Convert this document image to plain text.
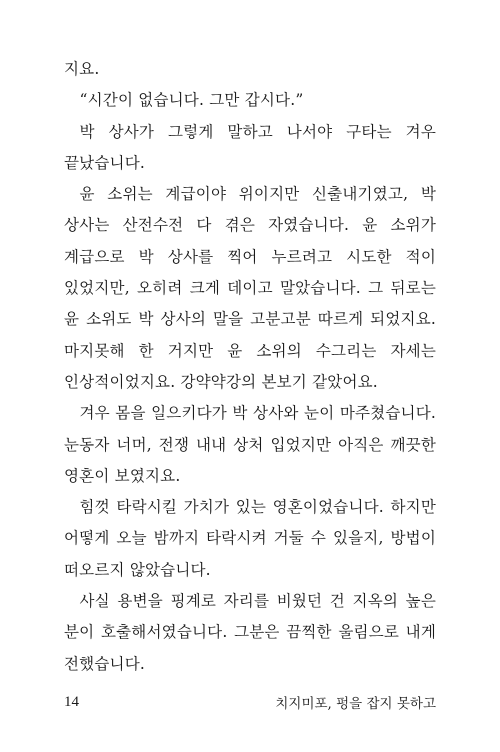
지요.

“시간이 없습니다. 그만 갑시다.”

박 상사가 그렇게 말하고 나서야 구타는 겨우 끝났습니다.

윤 소위는 계급이야 위이지만 신출내기였고, 박 상사는 산전수전 다 겪은 자였습니다. 윤 소위가 계급으로 박 상사를 찍어 누르려고 시도한 적이 있었지만, 오히려 크게 데이고 말았습니다. 그 뒤로는 윤 소위도 박 상사의 말을 고분고분 따르게 되었지요. 마지못해 한 거지만 윤 소위의 수그리는 자세는 인상적이었지요. 강약약강의 본보기 같았어요.

겨우 몸을 일으키다가 박 상사와 눈이 마주쳤습니다. 눈동자 너머, 전쟁 내내 상처 입었지만 아직은 깨끗한 영혼이 보였지요.

힘껏 타락시킬 가치가 있는 영혼이었습니다. 하지만 어떻게 오늘 밤까지 타락시켜 거둘 수 있을지, 방법이 떠오르지 않았습니다.

사실 용변을 핑계로 자리를 비웠던 건 지옥의 높은 분이 호출해서였습니다. 그분은 끔찍한 울림으로 내게 전했습니다.

14	치지미포, 펑을 잡지 못하고
